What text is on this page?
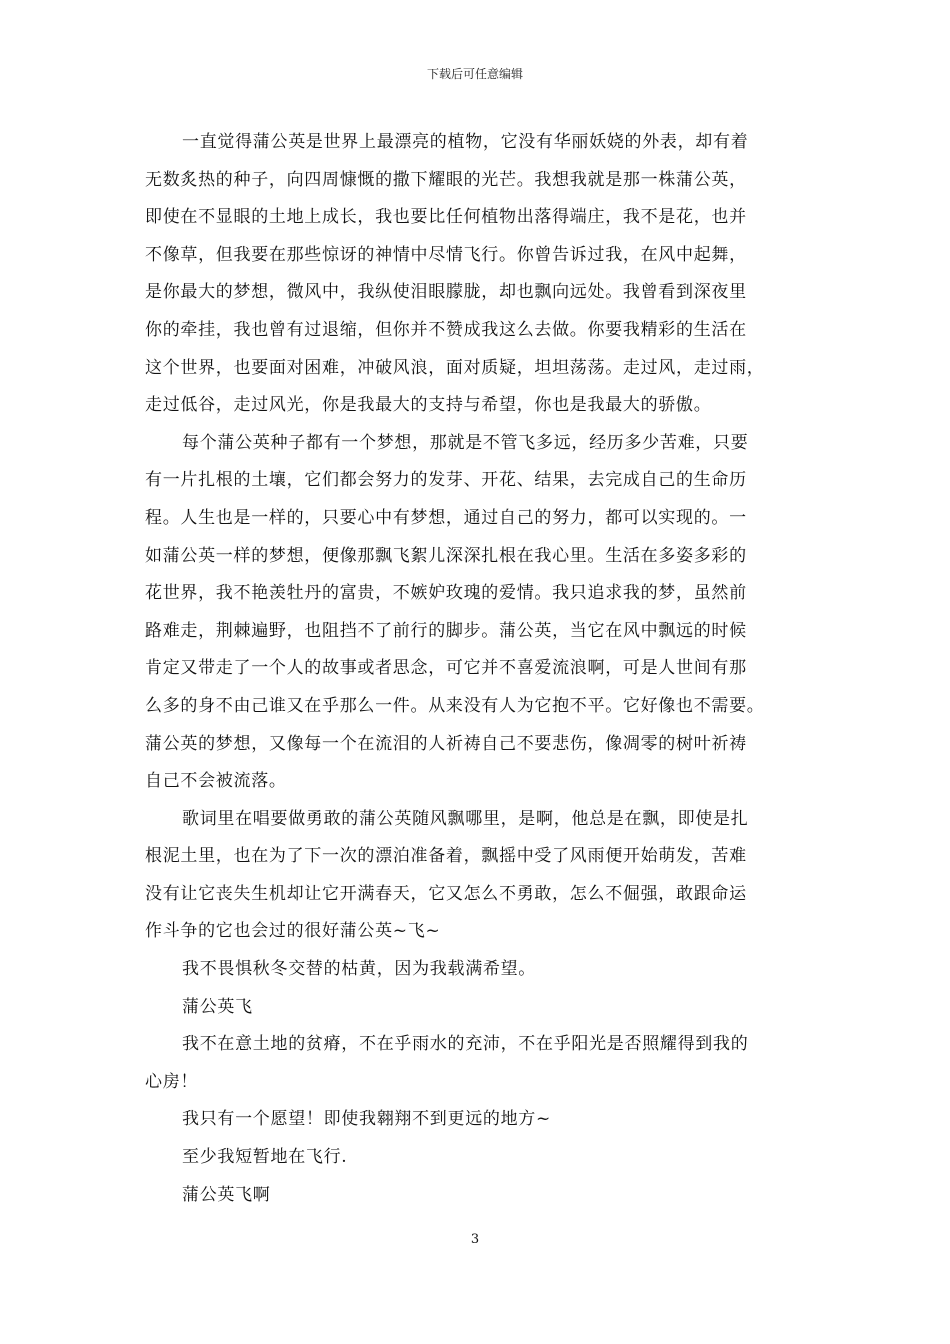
下载后可任意编辑
一直觉得蒲公英是世界上最漂亮的植物，它没有华丽妖娆的外表，却有着
无数炙热的种子，向四周慷慨的撒下耀眼的光芒。我想我就是那一株蒲公英，
即使在不显眼的土地上成长，我也要比任何植物出落得端庄，我不是花，也并
不像草，但我要在那些惊讶的神情中尽情飞行。你曾告诉过我，在风中起舞，
是你最大的梦想，微风中，我纵使泪眼朦胧，却也飘向远处。我曾看到深夜里
你的牵挂，我也曾有过退缩，但你并不赞成我这么去做。你要我精彩的生活在
这个世界，也要面对困难，冲破风浪，面对质疑，坦坦荡荡。走过风，走过雨，
走过低谷，走过风光，你是我最大的支持与希望，你也是我最大的骄傲。
每个蒲公英种子都有一个梦想，那就是不管飞多远，经历多少苦难，只要
有一片扎根的土壤，它们都会努力的发芽、开花、结果，去完成自己的生命历
程。人生也是一样的，只要心中有梦想，通过自己的努力，都可以实现的。一
如蒲公英一样的梦想，便像那飘飞絮儿深深扎根在我心里。生活在多姿多彩的
花世界，我不艳羡牡丹的富贵，不嫉妒玫瑰的爱情。我只追求我的梦，虽然前
路难走，荆棘遍野，也阻挡不了前行的脚步。蒲公英，当它在风中飘远的时候
肯定又带走了一个人的故事或者思念，可它并不喜爱流浪啊，可是人世间有那
么多的身不由己谁又在乎那么一件。从来没有人为它抱不平。它好像也不需要。
蒲公英的梦想，又像每一个在流泪的人祈祷自己不要悲伤，像凋零的树叶祈祷
自己不会被流落。
歌词里在唱要做勇敢的蒲公英随风飘哪里，是啊，他总是在飘，即使是扎
根泥土里，也在为了下一次的漂泊准备着，飘摇中受了风雨便开始萌发，苦难
没有让它丧失生机却让它开满春天，它又怎么不勇敢，怎么不倔强，敢跟命运
作斗争的它也会过的很好蒲公英~飞~
我不畏惧秋冬交替的枯黄，因为我载满希望。
蒲公英飞
我不在意土地的贫瘠，不在乎雨水的充沛，不在乎阳光是否照耀得到我的
心房！
我只有一个愿望！即使我翱翔不到更远的地方~
至少我短暂地在飞行.
蒲公英飞啊
3
